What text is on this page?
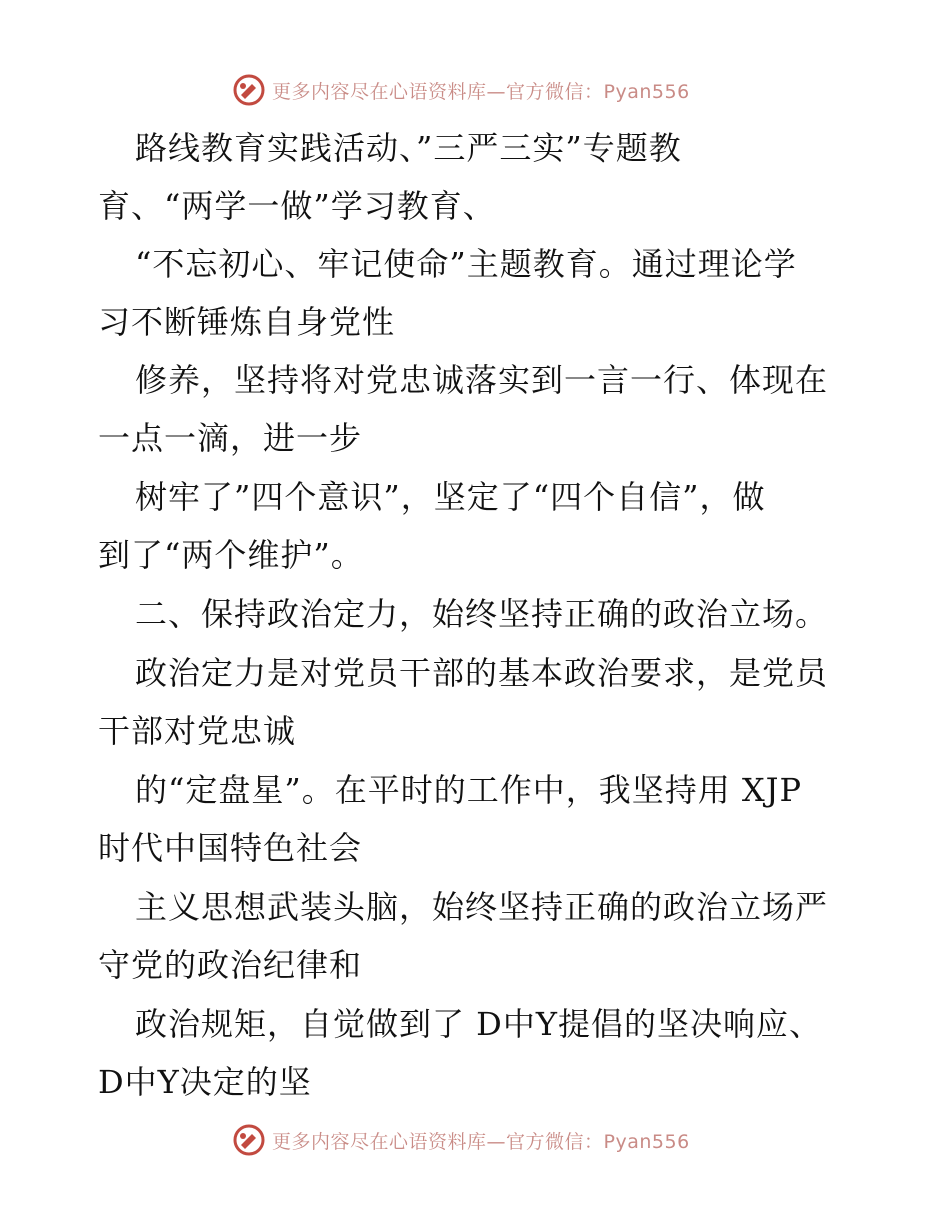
更多内容尽在心语资料库—官方微信：Pyan556
路线教育实践活动、”三严三实”专题教
育、“两学一做”学习教育、
“不忘初心、牢记使命”主题教育。通过理论学
习不断锤炼自身党性
修养，坚持将对党忠诚落实到一言一行、体现在
一点一滴，进一步
树牢了”四个意识”，坚定了“四个自信”，做
到了“两个维护”。
二、保持政治定力，始终坚持正确的政治立场。
政治定力是对党员干部的基本政治要求，是党员
干部对党忠诚
的“定盘星”。在平时的工作中，我坚持用 XJP
时代中国特色社会
主义思想武装头脑，始终坚持正确的政治立场严
守党的政治纪律和
政治规矩，自觉做到了 D中Y提倡的坚决响应、
D中Y决定的坚
更多内容尽在心语资料库—官方微信：Pyan556
